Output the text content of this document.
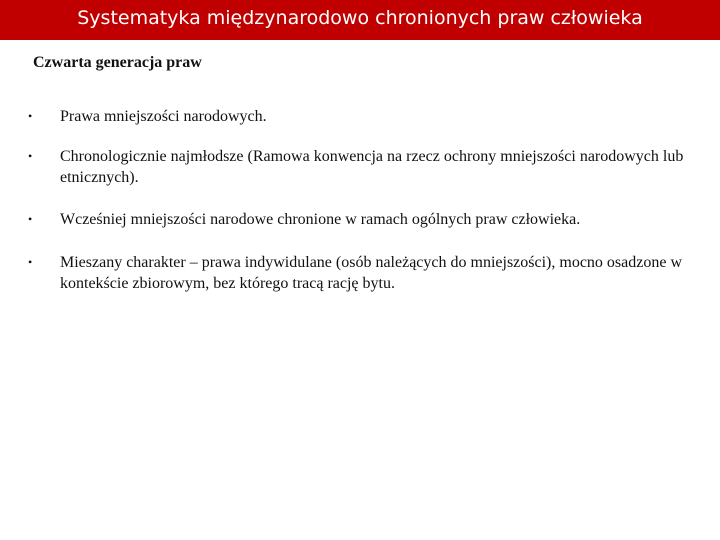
Systematyka międzynarodowo chronionych praw człowieka
Czwarta generacja praw
•	Prawa mniejszości narodowych.
•	Chronologicznie najmłodsze (Ramowa konwencja na rzecz ochrony mniejszości narodowych lub etnicznych).
•	Wcześniej mniejszości narodowe chronione w ramach ogólnych praw człowieka.
•	Mieszany charakter – prawa indywidulane (osób należących do mniejszości), mocno osadzone w kontekście zbiorowym, bez którego tracą rację bytu.
